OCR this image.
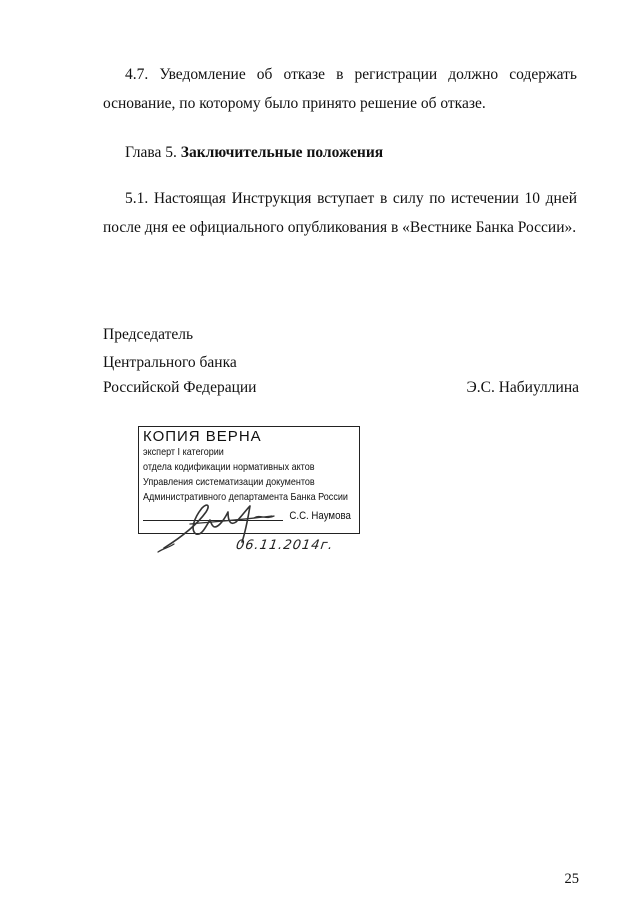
4.7. Уведомление об отказе в регистрации должно содержать
основание, по которому было принято решение об отказе.

Глава 5. Заключительные положения

5.1. Настоящая Инструкция вступает в силу по истечении 10 дней
после дня ее официального опубликования в «Вестнике Банка России».

Председатель
Центрального банка
Российской Федерации	Э.С. Набиуллина
КОПИЯ ВЕРНА
эксперт I категории
отдела кодификации нормативных актов
Управления систематизации документов
Административного департамента Банка России
С.С. Наумова
06.11.2014г.
25
